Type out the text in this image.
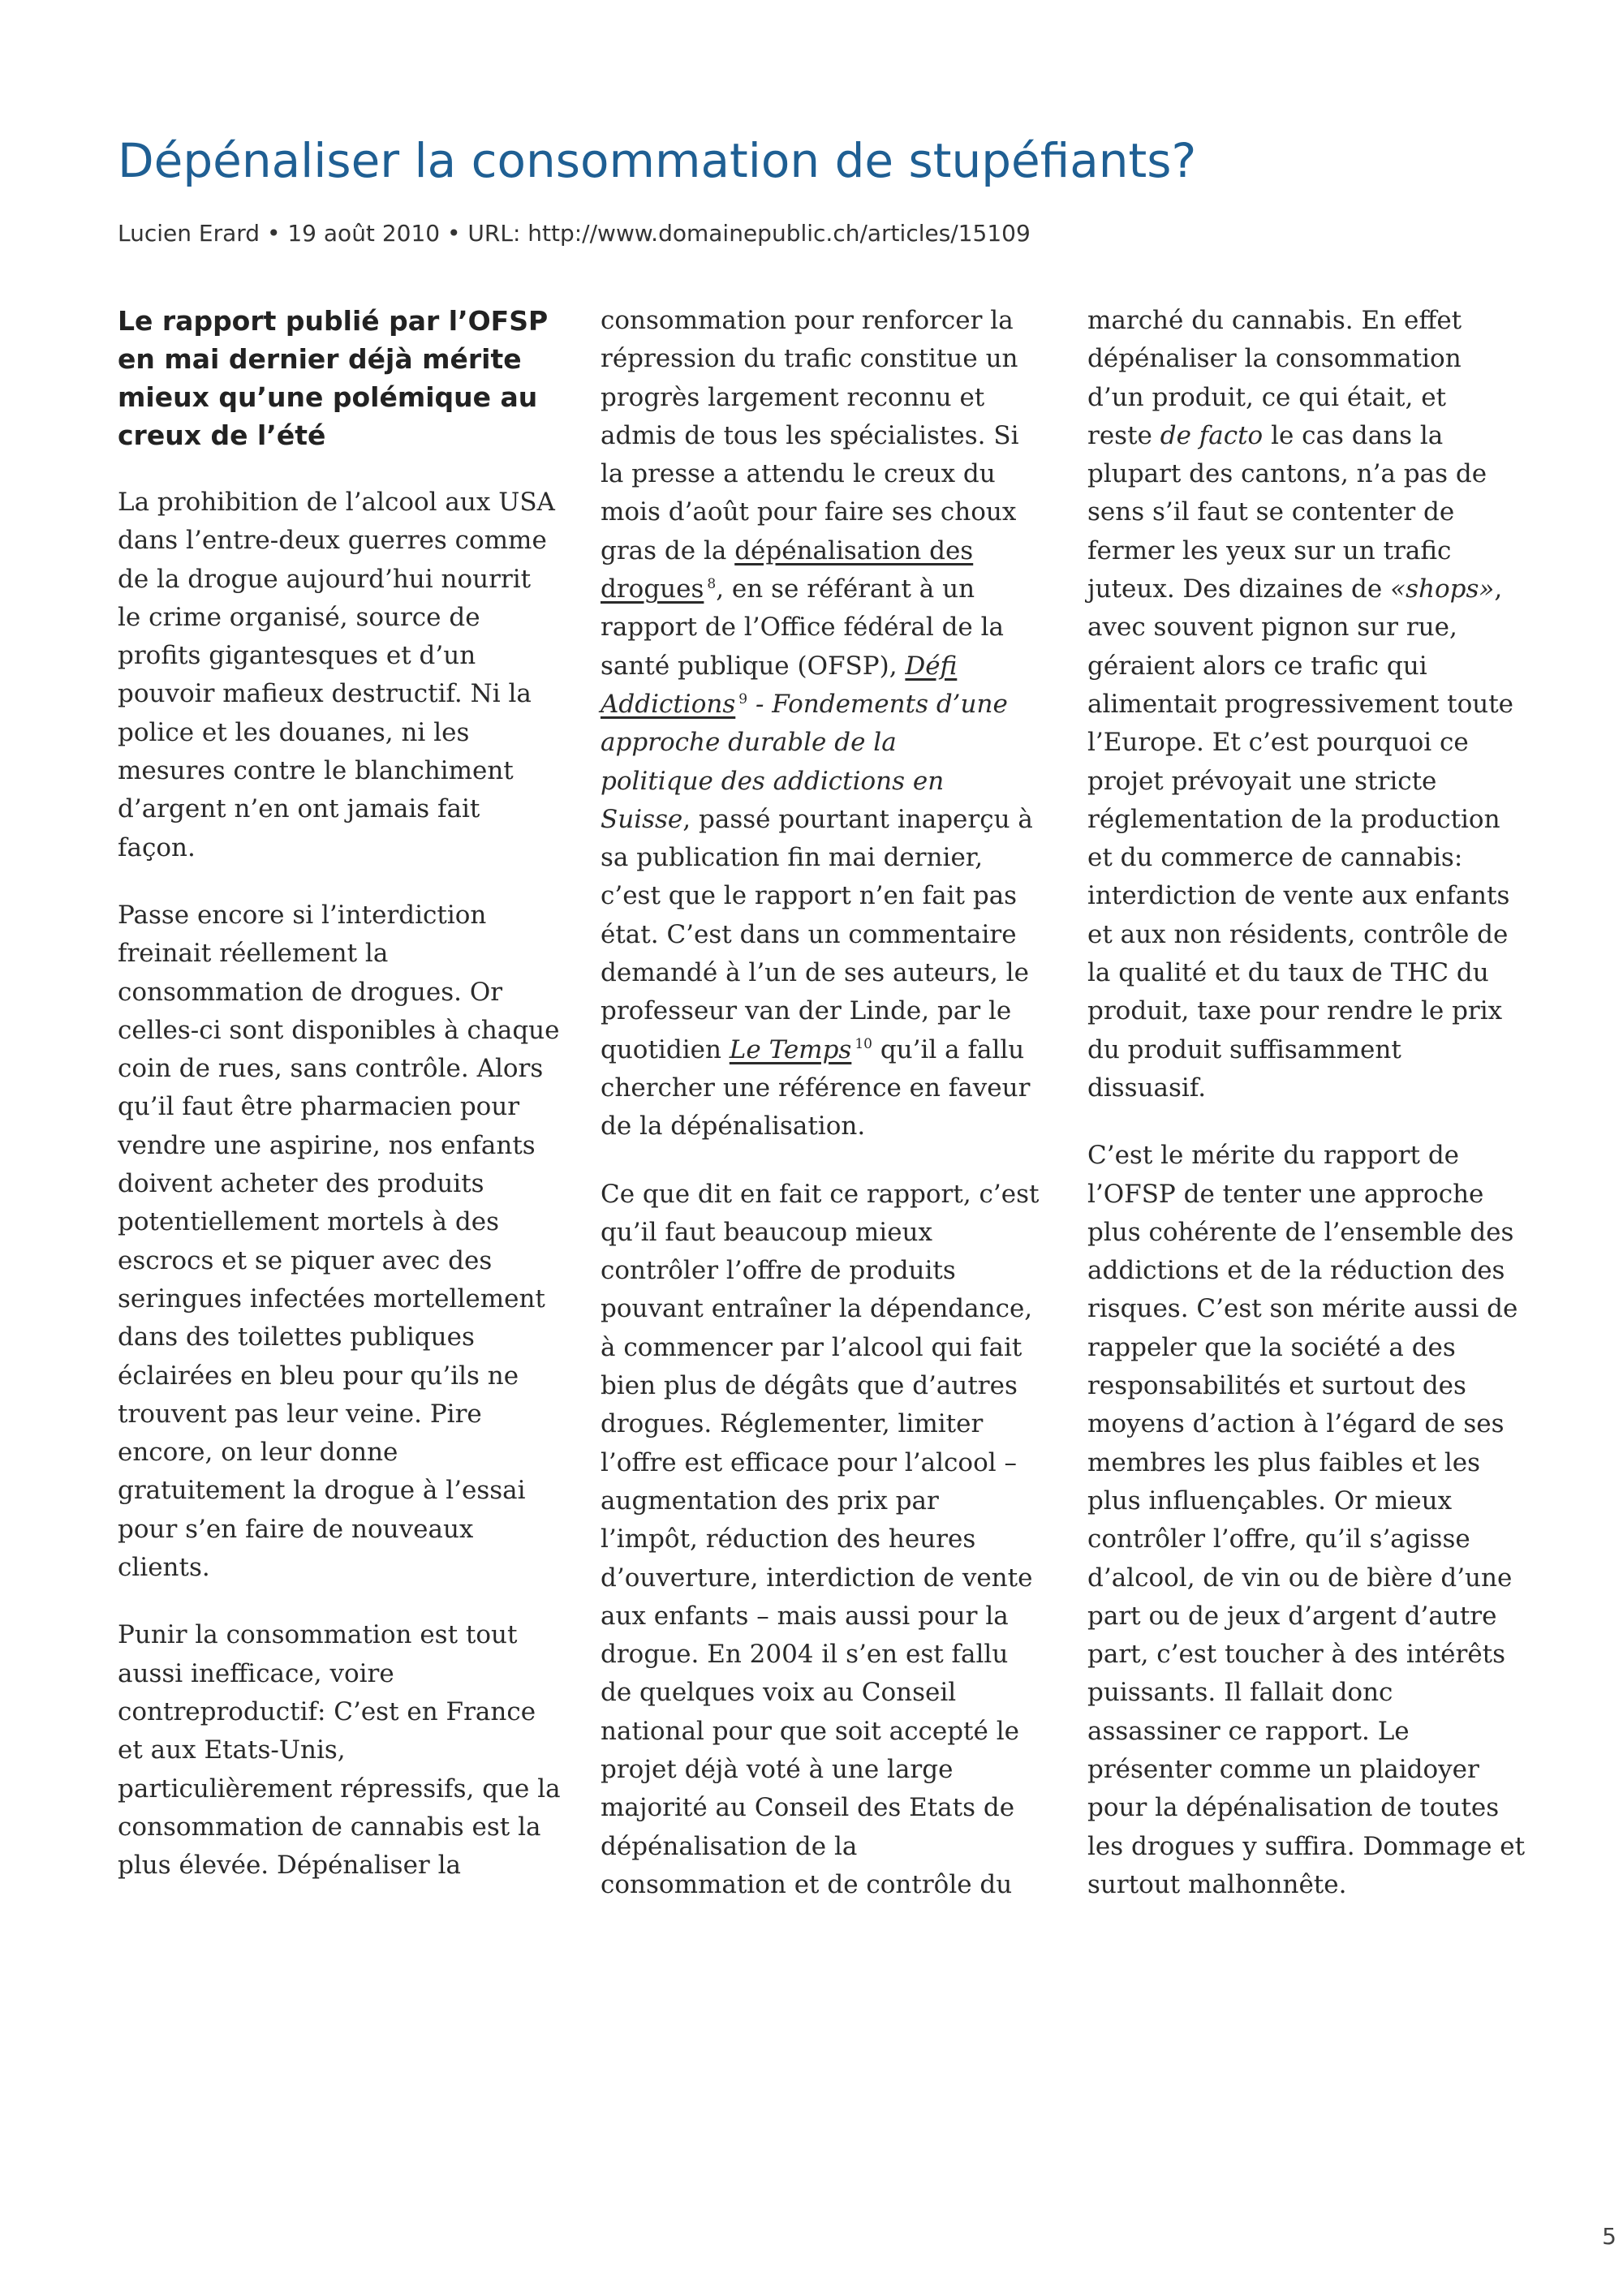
Dépénaliser la consommation de stupéfiants?
Lucien Erard • 19 août 2010 • URL: http://www.domainepublic.ch/articles/15109

Le rapport publié par l’OFSP
en mai dernier déjà mérite
mieux qu’une polémique au
creux de l’été

La prohibition de l’alcool aux USA
dans l’entre-deux guerres comme
de la drogue aujourd’hui nourrit
le crime organisé, source de
profits gigantesques et d’un
pouvoir mafieux destructif. Ni la
police et les douanes, ni les
mesures contre le blanchiment
d’argent n’en ont jamais fait
façon.

Passe encore si l’interdiction
freinait réellement la
consommation de drogues. Or
celles-ci sont disponibles à chaque
coin de rues, sans contrôle. Alors
qu’il faut être pharmacien pour
vendre une aspirine, nos enfants
doivent acheter des produits
potentiellement mortels à des
escrocs et se piquer avec des
seringues infectées mortellement
dans des toilettes publiques
éclairées en bleu pour qu’ils ne
trouvent pas leur veine. Pire
encore, on leur donne
gratuitement la drogue à l’essai
pour s’en faire de nouveaux
clients.

Punir la consommation est tout
aussi inefficace, voire
contreproductif: C’est en France
et aux Etats-Unis,
particulièrement répressifs, que la
consommation de cannabis est la
plus élevée. Dépénaliser la

consommation pour renforcer la
répression du trafic constitue un
progrès largement reconnu et
admis de tous les spécialistes. Si
la presse a attendu le creux du
mois d’août pour faire ses choux
gras de la dépénalisation des
drogues $^8$, en se référant à un
rapport de l’Office fédéral de la
santé publique (OFSP), Défi
Addictions $^9$ - Fondements d’une
approche durable de la
politique des addictions en
Suisse, passé pourtant inaperçu à
sa publication fin mai dernier,
c’est que le rapport n’en fait pas
état. C’est dans un commentaire
demandé à l’un de ses auteurs, le
professeur van der Linde, par le
quotidien Le Temps $^{10}$ qu’il a fallu
chercher une référence en faveur
de la dépénalisation.

Ce que dit en fait ce rapport, c’est
qu’il faut beaucoup mieux
contrôler l’offre de produits
pouvant entraîner la dépendance,
à commencer par l’alcool qui fait
bien plus de dégâts que d’autres
drogues. Réglementer, limiter
l’offre est efficace pour l’alcool –
augmentation des prix par
l’impôt, réduction des heures
d’ouverture, interdiction de vente
aux enfants – mais aussi pour la
drogue. En 2004 il s’en est fallu
de quelques voix au Conseil
national pour que soit accepté le
projet déjà voté à une large
majorité au Conseil des Etats de
dépénalisation de la
consommation et de contrôle du

marché du cannabis. En effet
dépénaliser la consommation
d’un produit, ce qui était, et
reste de facto le cas dans la
plupart des cantons, n’a pas de
sens s’il faut se contenter de
fermer les yeux sur un trafic
juteux. Des dizaines de «shops»,
avec souvent pignon sur rue,
géraient alors ce trafic qui
alimentait progressivement toute
l’Europe. Et c’est pourquoi ce
projet prévoyait une stricte
réglementation de la production
et du commerce de cannabis:
interdiction de vente aux enfants
et aux non résidents, contrôle de
la qualité et du taux de THC du
produit, taxe pour rendre le prix
du produit suffisamment
dissuasif.

C’est le mérite du rapport de
l’OFSP de tenter une approche
plus cohérente de l’ensemble des
addictions et de la réduction des
risques. C’est son mérite aussi de
rappeler que la société a des
responsabilités et surtout des
moyens d’action à l’égard de ses
membres les plus faibles et les
plus influençables. Or mieux
contrôler l’offre, qu’il s’agisse
d’alcool, de vin ou de bière d’une
part ou de jeux d’argent d’autre
part, c’est toucher à des intérêts
puissants. Il fallait donc
assassiner ce rapport. Le
présenter comme un plaidoyer
pour la dépénalisation de toutes
les drogues y suffira. Dommage et
surtout malhonnête.

5
